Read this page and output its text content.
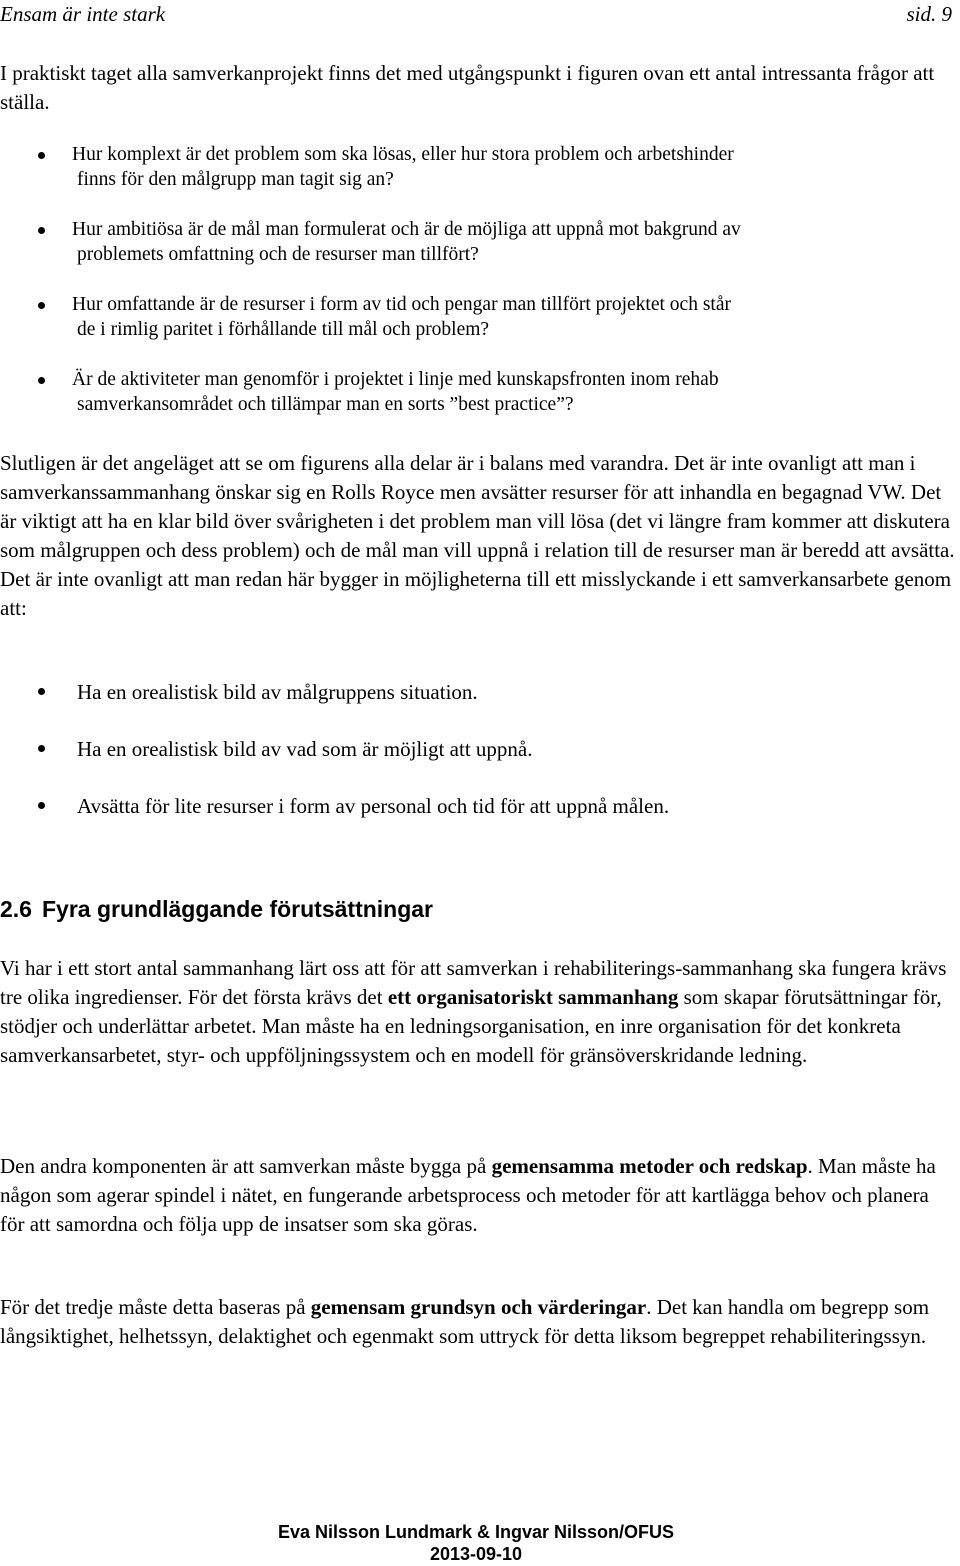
Ensam är inte stark	sid. 9

I praktiskt taget alla samverkanprojekt finns det med utgångspunkt i figuren ovan ett antal intressanta frågor att ställa.

Hur komplext är det problem som ska lösas, eller hur stora problem och arbetshinder
finns för den målgrupp man tagit sig an?
Hur ambitiösa är de mål man formulerat och är de möjliga att uppnå mot bakgrund av
problemets omfattning och de resurser man tillfört?
Hur omfattande är de resurser i form av tid och pengar man tillfört projektet och står
de i rimlig paritet i förhållande till mål och problem?
Är de aktiviteter man genomför i projektet i linje med kunskapsfronten inom rehab
samverkansområdet och tillämpar man en sorts ”best practice”?

Slutligen är det angeläget att se om figurens alla delar är i balans med varandra. Det är inte ovanligt att man i samverkanssammanhang önskar sig en Rolls Royce men avsätter resurser för att inhandla en begagnad VW. Det är viktigt att ha en klar bild över svårigheten i det problem man vill lösa (det vi längre fram kommer att diskutera som målgruppen och dess problem) och de mål man vill uppnå i relation till de resurser man är beredd att avsätta. Det är inte ovanligt att man redan här bygger in möjligheterna till ett misslyckande i ett samverkansarbete genom att:

Ha en orealistisk bild av målgruppens situation.
Ha en orealistisk bild av vad som är möjligt att uppnå.
Avsätta för lite resurser i form av personal och tid för att uppnå målen.
2.6 Fyra grundläggande förutsättningar

Vi har i ett stort antal sammanhang lärt oss att för att samverkan i rehabiliterings-sammanhang ska fungera krävs tre olika ingredienser. För det första krävs det ett organisatoriskt sammanhang som skapar förutsättningar för, stödjer och underlättar arbetet. Man måste ha en ledningsorganisation, en inre organisation för det konkreta samverkansarbetet, styr- och uppföljningssystem och en modell för gränsöverskridande ledning.

Den andra komponenten är att samverkan måste bygga på gemensamma metoder och redskap. Man måste ha någon som agerar spindel i nätet, en fungerande arbetsprocess och metoder för att kartlägga behov och planera för att samordna och följa upp de insatser som ska göras.

För det tredje måste detta baseras på gemensam grundsyn och värderingar. Det kan handla om begrepp som långsiktighet, helhetssyn, delaktighet och egenmakt som uttryck för detta liksom begreppet rehabiliteringssyn.

Eva Nilsson Lundmark & Ingvar Nilsson/OFUS
2013-09-10
